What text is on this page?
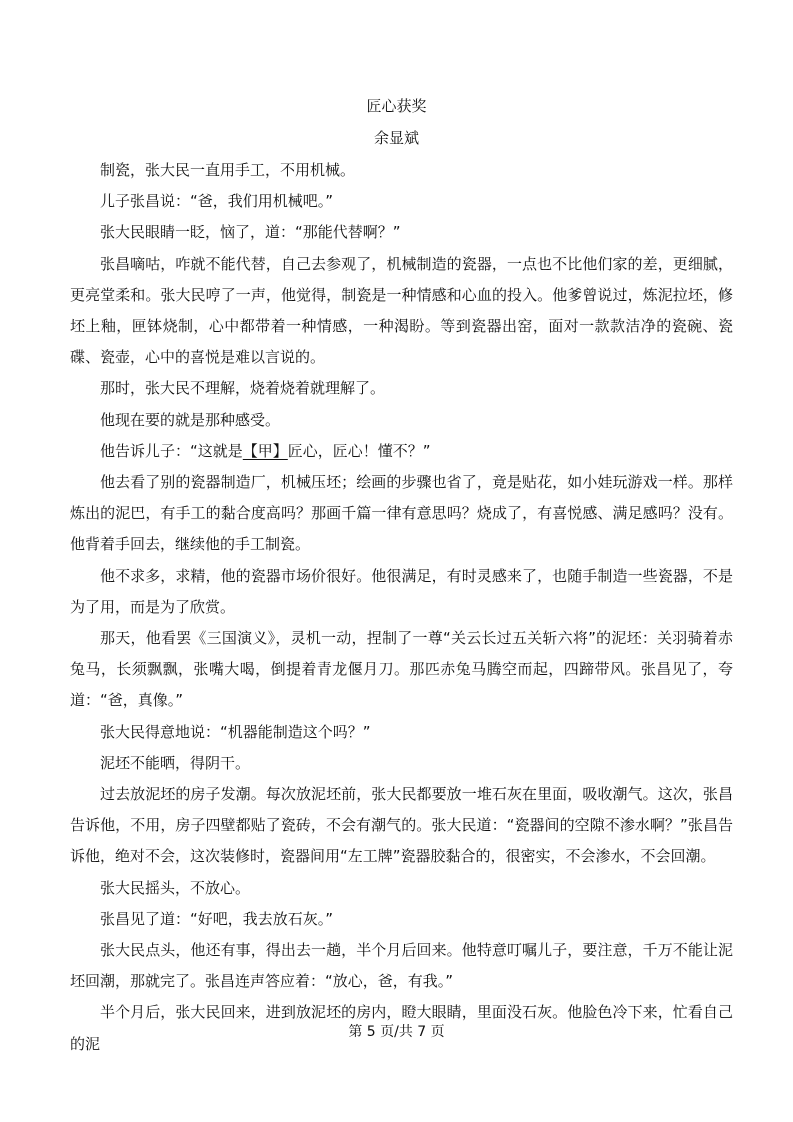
匠心获奖
余显斌

制瓷，张大民一直用手工，不用机械。

儿子张昌说：“爸，我们用机械吧。”

张大民眼睛一眨，恼了，道：“那能代替啊？”

张昌嘀咕，咋就不能代替，自己去参观了，机械制造的瓷器，一点也不比他们家的差，更细腻，更亮堂柔和。张大民哼了一声，他觉得，制瓷是一种情感和心血的投入。他爹曾说过，炼泥拉坯，修坯上釉，匣钵烧制，心中都带着一种情感，一种渴盼。等到瓷器出窑，面对一款款洁净的瓷碗、瓷碟、瓷壶，心中的喜悦是难以言说的。

那时，张大民不理解，烧着烧着就理解了。

他现在要的就是那种感受。

他告诉儿子：“这就是【甲】匠心，匠心！懂不？”

他去看了别的瓷器制造厂，机械压坯；绘画的步骤也省了，竟是贴花，如小娃玩游戏一样。那样炼出的泥巴，有手工的黏合度高吗？那画千篇一律有意思吗？烧成了，有喜悦感、满足感吗？没有。他背着手回去，继续他的手工制瓷。

他不求多，求精，他的瓷器市场价很好。他很满足，有时灵感来了，也随手制造一些瓷器，不是为了用，而是为了欣赏。

那天，他看罢《三国演义》，灵机一动，捏制了一尊“关云长过五关斩六将”的泥坯：关羽骑着赤兔马，长须飘飘，张嘴大喝，倒提着青龙偃月刀。那匹赤兔马腾空而起，四蹄带风。张昌见了，夸道：“爸，真像。”

张大民得意地说：“机器能制造这个吗？”

泥坯不能晒，得阴干。

过去放泥坯的房子发潮。每次放泥坯前，张大民都要放一堆石灰在里面，吸收潮气。这次，张昌告诉他，不用，房子四壁都贴了瓷砖，不会有潮气的。张大民道：“瓷器间的空隙不渗水啊？”张昌告诉他，绝对不会，这次装修时，瓷器间用“左工牌”瓷器胶黏合的，很密实，不会渗水，不会回潮。

张大民摇头，不放心。

张昌见了道：“好吧，我去放石灰。”

张大民点头，他还有事，得出去一趟，半个月后回来。他特意叮嘱儿子，要注意，千万不能让泥坯回潮，那就完了。张昌连声答应着：“放心，爸，有我。”

半个月后，张大民回来，进到放泥坯的房内，瞪大眼睛，里面没石灰。他脸色冷下来，忙看自己的泥

第 5 页/共 7 页
